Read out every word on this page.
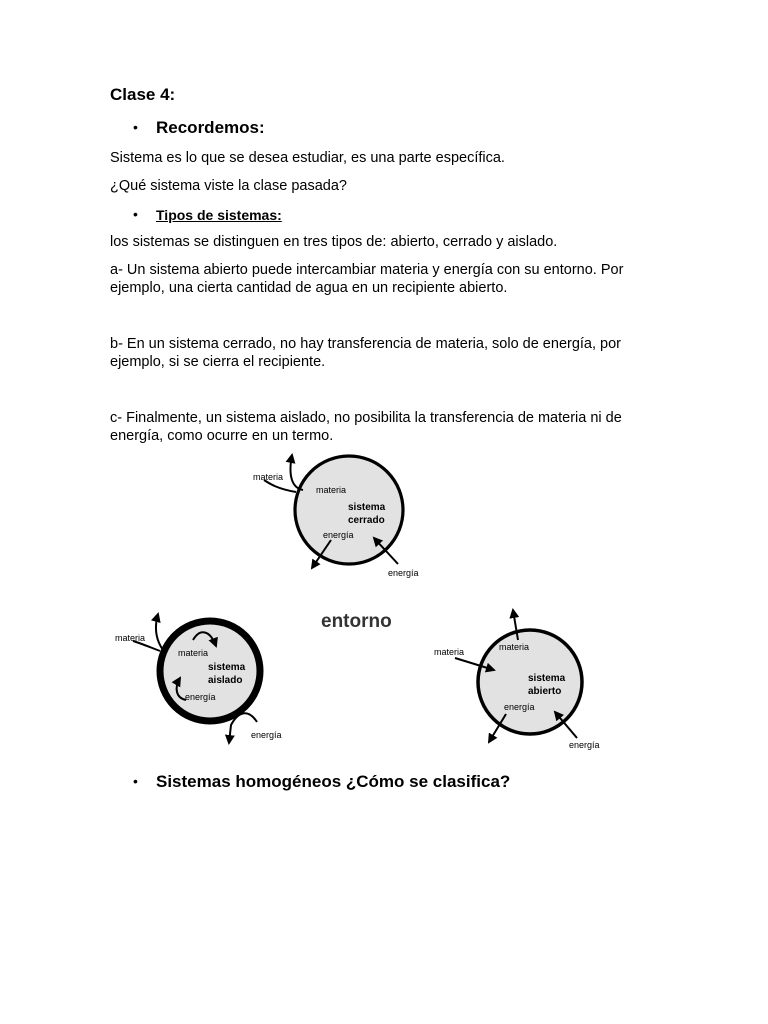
Clase 4:

• Recordemos:

Sistema es lo que se desea estudiar, es una parte específica.

¿Qué sistema viste la clase pasada?

• Tipos de sistemas:

los sistemas se distinguen en tres tipos de: abierto, cerrado y aislado.

a- Un sistema abierto puede intercambiar materia y energía con su entorno. Por

ejemplo, una cierta cantidad de agua en un recipiente abierto.

b- En un sistema cerrado, no hay transferencia de materia, solo de energía, por

ejemplo, si se cierra el recipiente.

c- Finalmente, un sistema aislado, no posibilita la transferencia de materia ni de

energía, como ocurre en un termo.

materia
materia
sistema
cerrado
energía
energía
entorno
materia
materia
sistema
aislado
energía
energía
materia	materia
sistema
abierto
energía
energía
• Sistemas homogéneos ¿Cómo se clasifica?
